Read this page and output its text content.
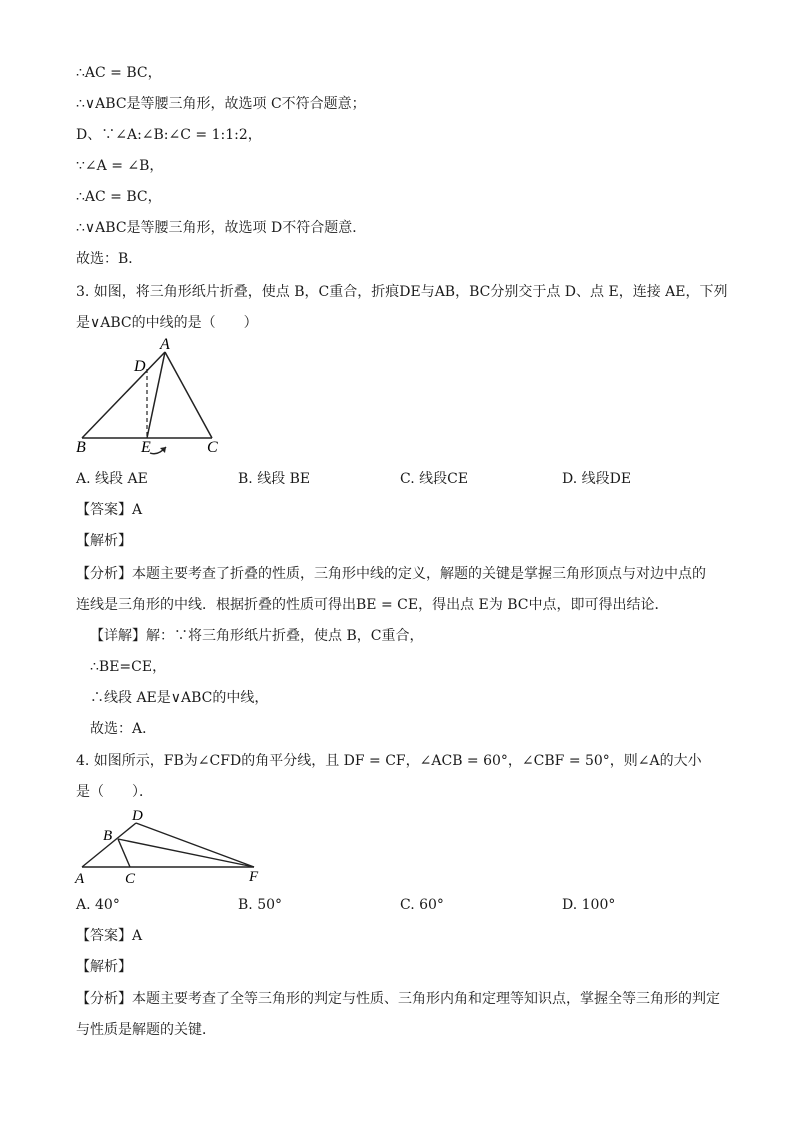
∴AC = BC，
∴∨ABC是等腰三角形，故选项 C不符合题意；
D、∵∠A:∠B:∠C = 1:1:2，
∵∠A = ∠B，
∴AC = BC，
∴∨ABC是等腰三角形，故选项 D不符合题意．
故选：B．
3. 如图，将三角形纸片折叠，使点 B，C重合，折痕DE与AB，BC分别交于点 D、点 E，连接 AE，下列
是∨ABC的中线的是（　　）
A
D
B	E	C
A. 线段 AE	B. 线段 BE	C. 线段CE	D. 线段DE
【答案】A
【解析】
【分析】本题主要考查了折叠的性质，三角形中线的定义，解题的关键是掌握三角形顶点与对边中点的
连线是三角形的中线．根据折叠的性质可得出BE = CE，得出点 E为 BC中点，即可得出结论．
【详解】解：∵将三角形纸片折叠，使点 B，C重合，
∴BE=CE，
∴线段 AE是∨ABC的中线，
故选：A．
4. 如图所示，FB为∠CFD的角平分线，且 DF = CF，∠ACB = 60°，∠CBF = 50°，则∠A的大小
是（　　）．
D
B
A	C	F
A. 40°	B. 50°	C. 60°	D. 100°
【答案】A
【解析】
【分析】本题主要考查了全等三角形的判定与性质、三角形内角和定理等知识点，掌握全等三角形的判定
与性质是解题的关键．
